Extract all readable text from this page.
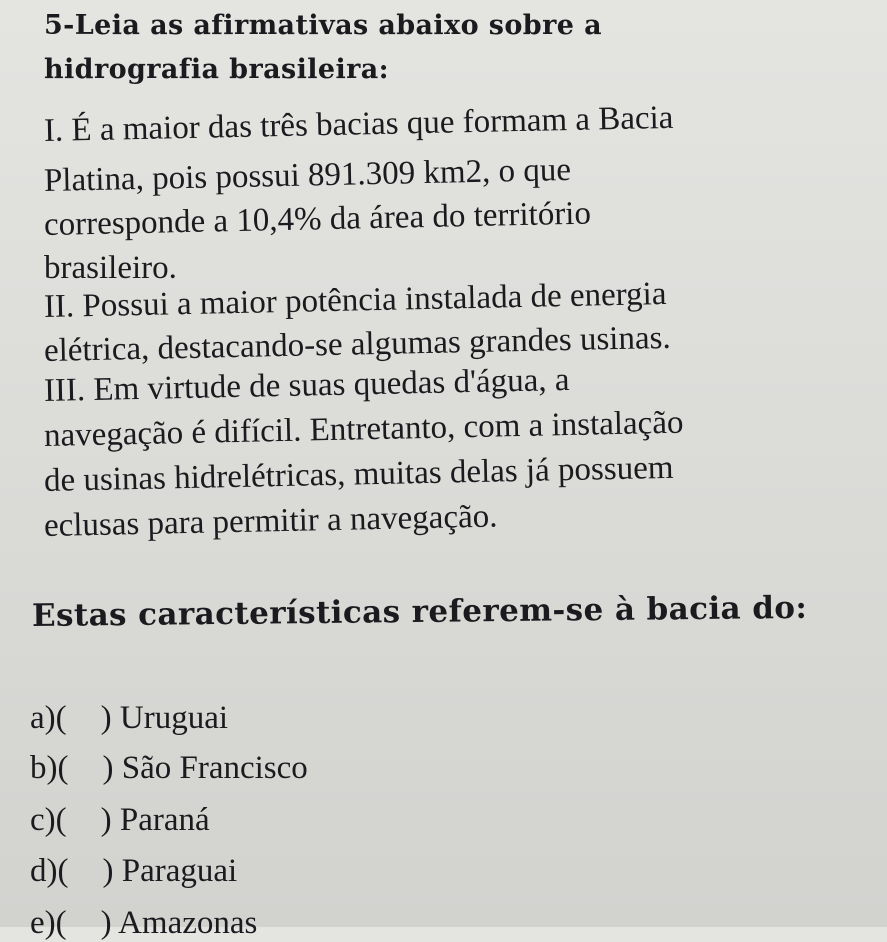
5-Leia as afirmativas abaixo sobre a
hidrografia brasileira:
I. É a maior das três bacias que formam a Bacia
Platina, pois possui 891.309 km2, o que
corresponde a 10,4% da área do território
brasileiro.
II. Possui a maior potência instalada de energia
elétrica, destacando-se algumas grandes usinas.
III. Em virtude de suas quedas d'água, a
navegação é difícil. Entretanto, com a instalação
de usinas hidrelétricas, muitas delas já possuem
eclusas para permitir a navegação.
Estas características referem-se à bacia do:
a)( ) Uruguai
b)( ) São Francisco
c)( ) Paraná
d)( ) Paraguai
e)( ) Amazonas
